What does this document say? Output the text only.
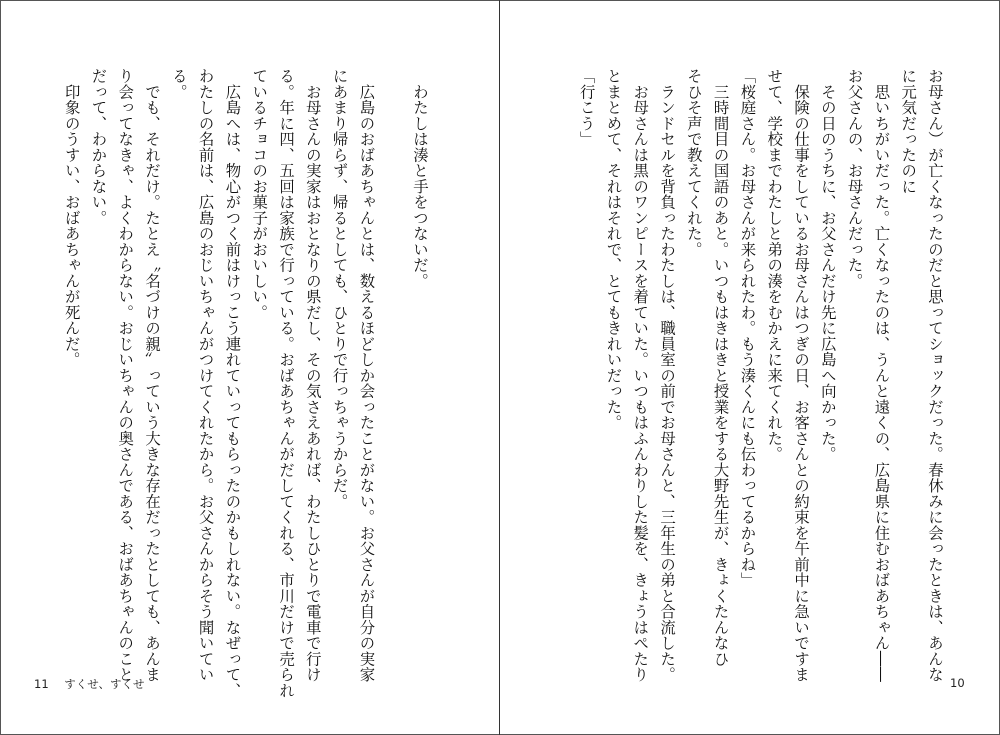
　わたしは湊と手をつないだ。
　広島のおばあちゃんとは、数えるほどしか会ったことがない。お父さんが自分の実家
にあまり帰らず、帰るとしても、ひとりで行っちゃうからだ。
　お母さんの実家はおとなりの県だし、その気さえあれば、わたしひとりで電車で行け
る。年に四、五回は家族で行っている。おばあちゃんがだしてくれる、市川だけで売られ
ているチョコのお菓子がおいしい。
　広島へは、物心がつく前はけっこう連れていってもらったのかもしれない。なぜって、
わたしの名前は、広島のおじいちゃんがつけてくれたから。お父さんからそう聞いてい
る。
　でも、それだけ。たとえ〝名づけの親〟っていう大きな存在だったとしても、あんま
り会ってなきゃ、よくわからない。おじいちゃんの奥さんである、おばあちゃんのこと
だって、わからない。
　印象のうすい、おばあちゃんが死んだ。
11 すくせ、すくせ
お母さん）が亡くなったのだと思ってショックだった。春休みに会ったときは、あんな
に元気だったのに
　思いちがいだった。亡くなったのは、うんと遠くの、広島県に住むおばあちゃん――
お父さんの、お母さんだった。
　その日のうちに、お父さんだけ先に広島へ向かった。
　保険の仕事をしているお母さんはつぎの日、お客さんとの約束を午前中に急いですま
せて、学校までわたしと弟の湊をむかえに来てくれた。
「桜庭さん。お母さんが来られたわ。もう湊くんにも伝わってるからね」
　三時間目の国語のあと。いつもはきはきと授業をする大野先生が、きょくたんなひ
そひそ声で教えてくれた。
　ランドセルを背負ったわたしは、職員室の前でお母さんと、三年生の弟と合流した。
　お母さんは黒のワンピースを着ていた。いつもはふんわりした髪を、きょうはぺたり
とまとめて、それはそれで、とてもきれいだった。
「行こう」
10
